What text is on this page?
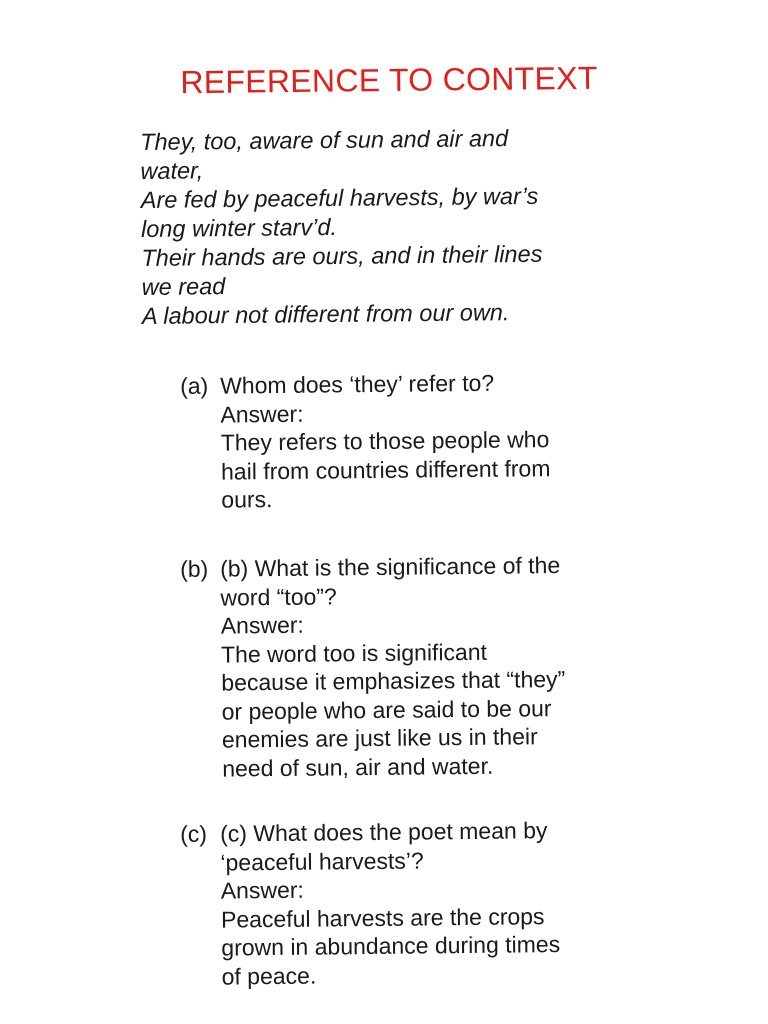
REFERENCE TO CONTEXT
They, too, aware of sun and air and
water,
Are fed by peaceful harvests, by war’s
long winter starv’d.
Their hands are ours, and in their lines
we read
A labour not different from our own.
(a) Whom does ‘they’ refer to?
Answer:
They refers to those people who
hail from countries different from
ours.
(b) (b) What is the significance of the
word “too”?
Answer:
The word too is significant
because it emphasizes that “they”
or people who are said to be our
enemies are just like us in their
need of sun, air and water.
(c) (c) What does the poet mean by
‘peaceful harvests’?
Answer:
Peaceful harvests are the crops
grown in abundance during times
of peace.
